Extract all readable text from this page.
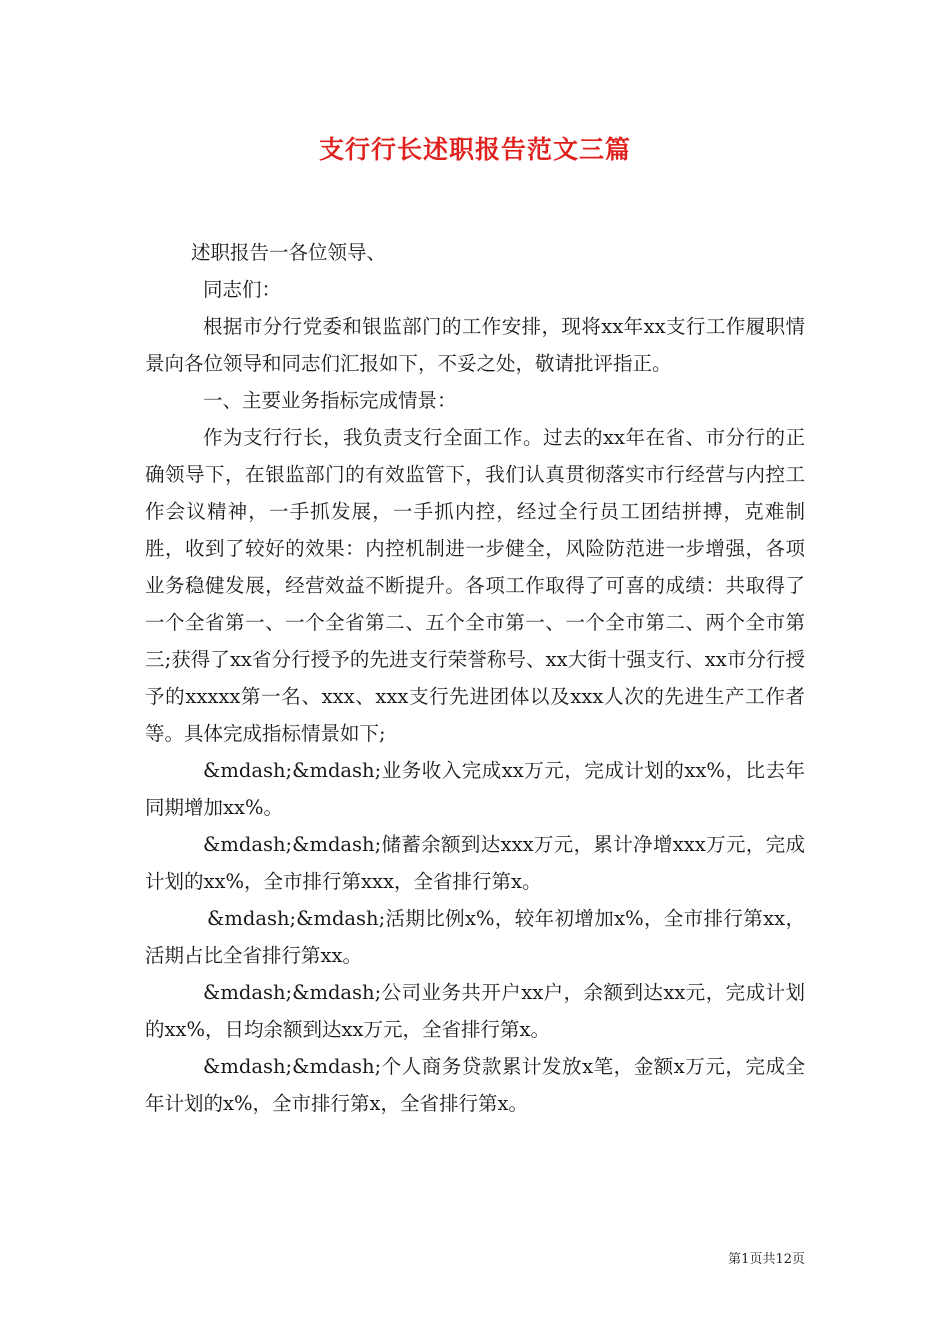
支行行长述职报告范文三篇

述职报告一各位领导、

同志们：

根据市分行党委和银监部门的工作安排，现将xx年xx支行工作履职情景向各位领导和同志们汇报如下，不妥之处，敬请批评指正。

一、主要业务指标完成情景：

作为支行行长，我负责支行全面工作。过去的xx年在省、市分行的正确领导下，在银监部门的有效监管下，我们认真贯彻落实市行经营与内控工作会议精神，一手抓发展，一手抓内控，经过全行员工团结拼搏，克难制胜，收到了较好的效果：内控机制进一步健全，风险防范进一步增强，各项业务稳健发展，经营效益不断提升。各项工作取得了可喜的成绩：共取得了一个全省第一、一个全省第二、五个全市第一、一个全市第二、两个全市第三;获得了xx省分行授予的先进支行荣誉称号、xx大街十强支行、xx市分行授予的xxxxx第一名、xxx、xxx支行先进团体以及xxx人次的先进生产工作者等。具体完成指标情景如下;

&mdash;&mdash;业务收入完成xx万元，完成计划的xx%，比去年同期增加xx%。

&mdash;&mdash;储蓄余额到达xxx万元，累计净增xxx万元，完成计划的xx%，全市排行第xxx，全省排行第x。

&mdash;&mdash;活期比例x%，较年初增加x%，全市排行第xx，活期占比全省排行第xx。

&mdash;&mdash;公司业务共开户xx户，余额到达xx元，完成计划的xx%，日均余额到达xx万元，全省排行第x。

&mdash;&mdash;个人商务贷款累计发放x笔，金额x万元，完成全年计划的x%，全市排行第x，全省排行第x。

第1页共12页
